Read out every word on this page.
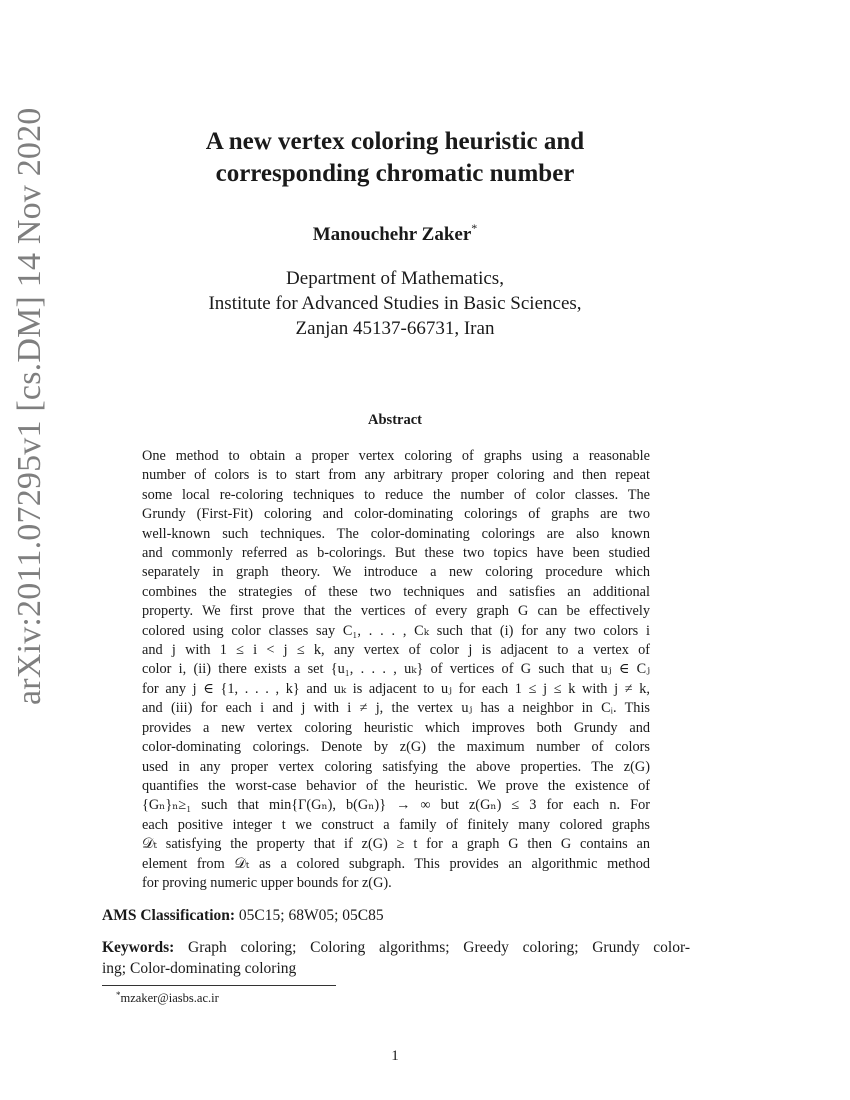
arXiv:2011.07295v1 [cs.DM] 14 Nov 2020	A new vertex coloring heuristic and
corresponding chromatic number
Manouchehr Zaker*
Department of Mathematics,
Institute for Advanced Studies in Basic Sciences,
Zanjan 45137-66731, Iran
Abstract
One method to obtain a proper vertex coloring of graphs using a reasonable
number of colors is to start from any arbitrary proper coloring and then repeat
some local re-coloring techniques to reduce the number of color classes. The
Grundy (First-Fit) coloring and color-dominating colorings of graphs are two
well-known such techniques. The color-dominating colorings are also known
and commonly referred as b-colorings. But these two topics have been studied
separately in graph theory. We introduce a new coloring procedure which
combines the strategies of these two techniques and satisfies an additional
property. We first prove that the vertices of every graph G can be effectively
colored using color classes say C₁, . . . , Cₖ such that (i) for any two colors i
and j with 1 ≤ i < j ≤ k, any vertex of color j is adjacent to a vertex of
color i, (ii) there exists a set {u₁, . . . , uₖ} of vertices of G such that uⱼ ∈ Cⱼ
for any j ∈ {1, . . . , k} and uₖ is adjacent to uⱼ for each 1 ≤ j ≤ k with j ≠ k,
and (iii) for each i and j with i ≠ j, the vertex uⱼ has a neighbor in Cᵢ. This
provides a new vertex coloring heuristic which improves both Grundy and
color-dominating colorings. Denote by z(G) the maximum number of colors
used in any proper vertex coloring satisfying the above properties. The z(G)
quantifies the worst-case behavior of the heuristic. We prove the existence of
{Gₙ}ₙ≥₁ such that min{Γ(Gₙ), b(Gₙ)} → ∞ but z(Gₙ) ≤ 3 for each n. For
each positive integer t we construct a family of finitely many colored graphs
𝒟ₜ satisfying the property that if z(G) ≥ t for a graph G then G contains an
element from 𝒟ₜ as a colored subgraph. This provides an algorithmic method
for proving numeric upper bounds for z(G).
AMS Classification: 05C15; 68W05; 05C85
Keywords: Graph coloring; Coloring algorithms; Greedy coloring; Grundy color-
ing; Color-dominating coloring
*mzaker@iasbs.ac.ir
1
